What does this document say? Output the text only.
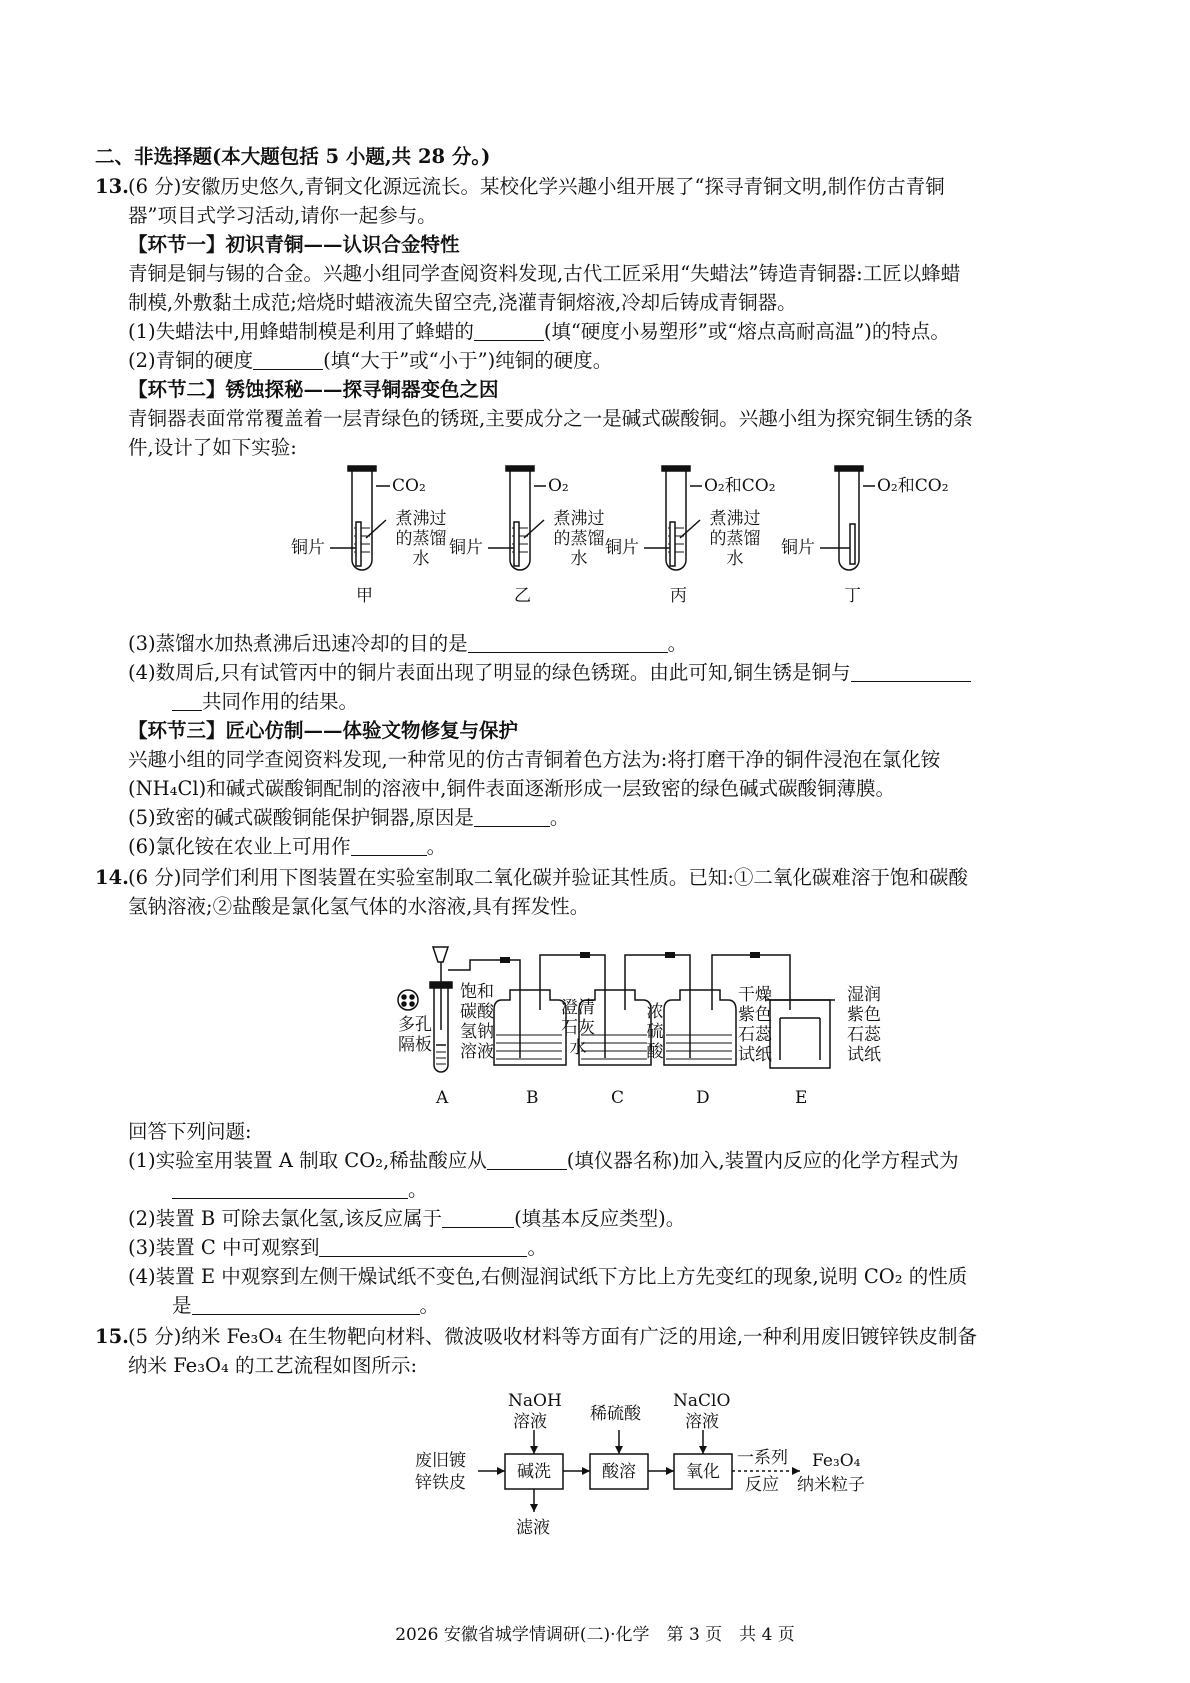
二、非选择题(本大题包括 5 小题,共 28 分。)
13. (6 分)安徽历史悠久,青铜文化源远流长。某校化学兴趣小组开展了“探寻青铜文明,制作仿古青铜
器”项目式学习活动,请你一起参与。
【环节一】初识青铜——认识合金特性
青铜是铜与锡的合金。兴趣小组同学查阅资料发现,古代工匠采用“失蜡法”铸造青铜器:工匠以蜂蜡
制模,外敷黏土成范;焙烧时蜡液流失留空壳,浇灌青铜熔液,冷却后铸成青铜器。
(1)失蜡法中,用蜂蜡制模是利用了蜂蜡的	(填“硬度小易塑形”或“熔点高耐高温”)的特点。
(2)青铜的硬度	(填“大于”或“小于”)纯铜的硬度。
【环节二】锈蚀探秘——探寻铜器变色之因
青铜器表面常常覆盖着一层青绿色的锈斑,主要成分之一是碱式碳酸铜。兴趣小组为探究铜生锈的条
件,设计了如下实验:
CO₂
煮沸过的蒸馏水
铜片
甲
O₂
煮沸过的蒸馏水
铜片
乙
O₂和CO₂
煮沸过的蒸馏水
铜片
丙
O₂和CO₂
铜片
丁
(3)蒸馏水加热煮沸后迅速冷却的目的是	。
(4)数周后,只有试管丙中的铜片表面出现了明显的绿色锈斑。由此可知,铜生锈是铜与
共同作用的结果。
【环节三】匠心仿制——体验文物修复与保护
兴趣小组的同学查阅资料发现,一种常见的仿古青铜着色方法为:将打磨干净的铜件浸泡在氯化铵
(NH₄Cl)和碱式碳酸铜配制的溶液中,铜件表面逐渐形成一层致密的绿色碱式碳酸铜薄膜。
(5)致密的碱式碳酸铜能保护铜器,原因是	。
(6)氯化铵在农业上可用作	。
14. (6 分)同学们利用下图装置在实验室制取二氧化碳并验证其性质。已知:①二氧化碳难溶于饱和碳酸
氢钠溶液;②盐酸是氯化氢气体的水溶液,具有挥发性。
多孔隔板
饱和碳酸氢钠溶液
澄清石灰水
浓硫酸
干燥紫色石蕊试纸
湿润紫色石蕊试纸
A	B	C	D	E
回答下列问题:
(1)实验室用装置 A 制取 CO₂,稀盐酸应从	(填仪器名称)加入,装置内反应的化学方程式为
。
(2)装置 B 可除去氯化氢,该反应属于	(填基本反应类型)。
(3)装置 C 中可观察到	。
(4)装置 E 中观察到左侧干燥试纸不变色,右侧湿润试纸下方比上方先变红的现象,说明 CO₂ 的性质
是	。
15. (5 分)纳米 Fe₃O₄ 在生物靶向材料、微波吸收材料等方面有广泛的用途,一种利用废旧镀锌铁皮制备
纳米 Fe₃O₄ 的工艺流程如图所示:
废旧镀
锌铁皮
NaOH
溶液
碱洗
滤液
稀硫酸
酸溶
NaClO
溶液
氧化
一系列
反应
Fe₃O₄
纳米粒子
2026 安徽省城学情调研(二)·化学　第 3 页　共 4 页
